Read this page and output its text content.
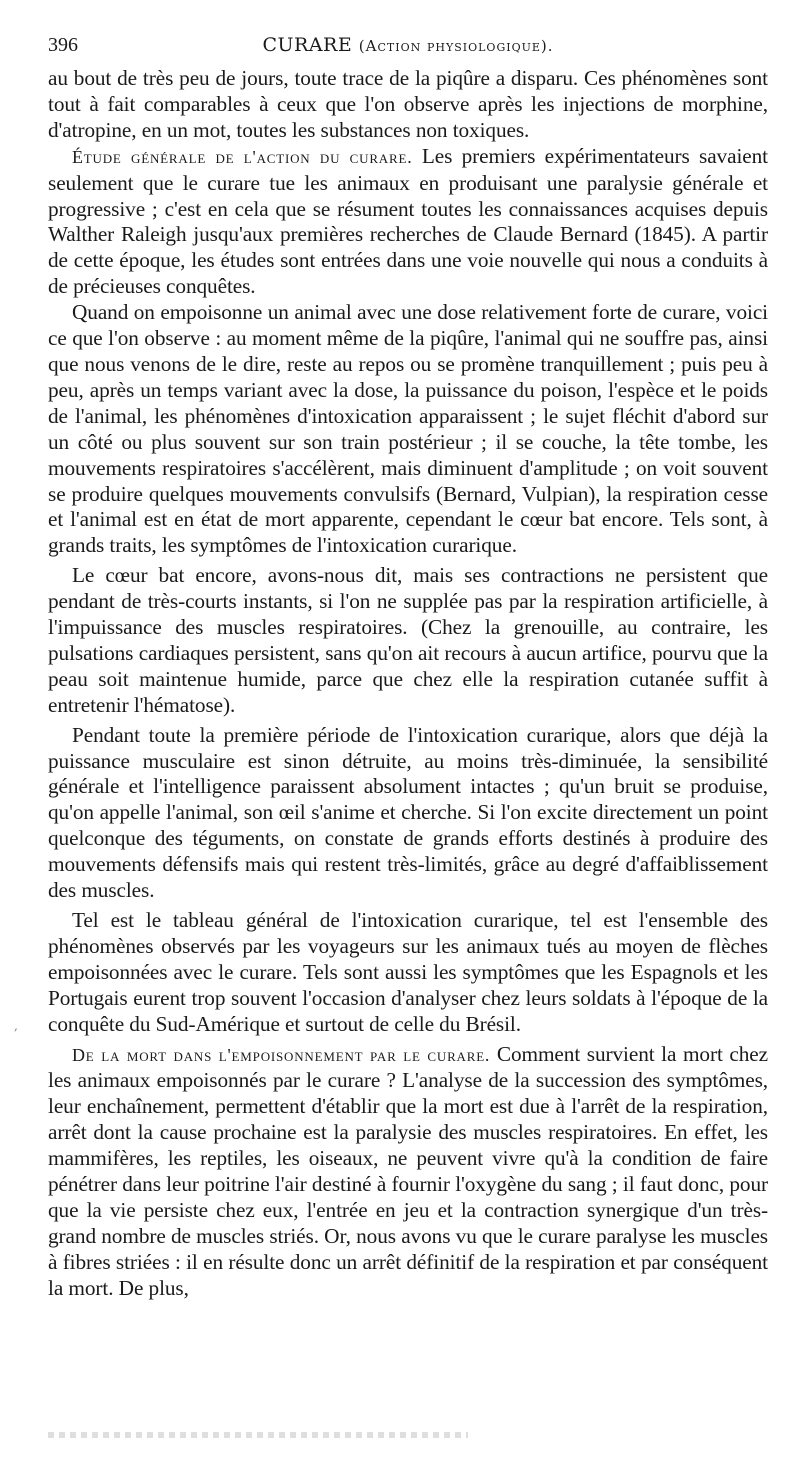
396	CURARE (Action physiologique).

au bout de très peu de jours, toute trace de la piqûre a disparu. Ces phénomènes sont tout à fait comparables à ceux que l'on observe après les injections de morphine, d'atropine, en un mot, toutes les substances non toxiques.

Étude générale de l'action du curare. Les premiers expérimentateurs savaient seulement que le curare tue les animaux en produisant une paralysie générale et progressive ; c'est en cela que se résument toutes les connaissances acquises depuis Walther Raleigh jusqu'aux premières recherches de Claude Bernard (1845). A partir de cette époque, les études sont entrées dans une voie nouvelle qui nous a conduits à de précieuses conquêtes.

Quand on empoisonne un animal avec une dose relativement forte de curare, voici ce que l'on observe : au moment même de la piqûre, l'animal qui ne souffre pas, ainsi que nous venons de le dire, reste au repos ou se promène tranquillement ; puis peu à peu, après un temps variant avec la dose, la puissance du poison, l'espèce et le poids de l'animal, les phénomènes d'intoxication apparaissent ; le sujet fléchit d'abord sur un côté ou plus souvent sur son train postérieur ; il se couche, la tête tombe, les mouvements respiratoires s'accélèrent, mais diminuent d'amplitude ; on voit souvent se produire quelques mouvements convulsifs (Bernard, Vulpian), la respiration cesse et l'animal est en état de mort apparente, cependant le cœur bat encore. Tels sont, à grands traits, les symptômes de l'intoxication curarique.

Le cœur bat encore, avons-nous dit, mais ses contractions ne persistent que pendant de très-courts instants, si l'on ne supplée pas par la respiration artificielle, à l'impuissance des muscles respiratoires. (Chez la grenouille, au contraire, les pulsations cardiaques persistent, sans qu'on ait recours à aucun artifice, pourvu que la peau soit maintenue humide, parce que chez elle la respiration cutanée suffit à entretenir l'hématose).

Pendant toute la première période de l'intoxication curarique, alors que déjà la puissance musculaire est sinon détruite, au moins très-diminuée, la sensibilité générale et l'intelligence paraissent absolument intactes ; qu'un bruit se produise, qu'on appelle l'animal, son œil s'anime et cherche. Si l'on excite directement un point quelconque des téguments, on constate de grands efforts destinés à produire des mouvements défensifs mais qui restent très-limités, grâce au degré d'affaiblissement des muscles.

Tel est le tableau général de l'intoxication curarique, tel est l'ensemble des phénomènes observés par les voyageurs sur les animaux tués au moyen de flèches empoisonnées avec le curare. Tels sont aussi les symptômes que les Espagnols et les Portugais eurent trop souvent l'occasion d'analyser chez leurs soldats à l'époque de la conquête du Sud-Amérique et surtout de celle du Brésil.

De la mort dans l'empoisonnement par le curare. Comment survient la mort chez les animaux empoisonnés par le curare ? L'analyse de la succession des symptômes, leur enchaînement, permettent d'établir que la mort est due à l'arrêt de la respiration, arrêt dont la cause prochaine est la paralysie des muscles respiratoires. En effet, les mammifères, les reptiles, les oiseaux, ne peuvent vivre qu'à la condition de faire pénétrer dans leur poitrine l'air destiné à fournir l'oxygène du sang ; il faut donc, pour que la vie persiste chez eux, l'entrée en jeu et la contraction synergique d'un très-grand nombre de muscles striés. Or, nous avons vu que le curare paralyse les muscles à fibres striées : il en résulte donc un arrêt définitif de la respiration et par conséquent la mort. De plus,

,
